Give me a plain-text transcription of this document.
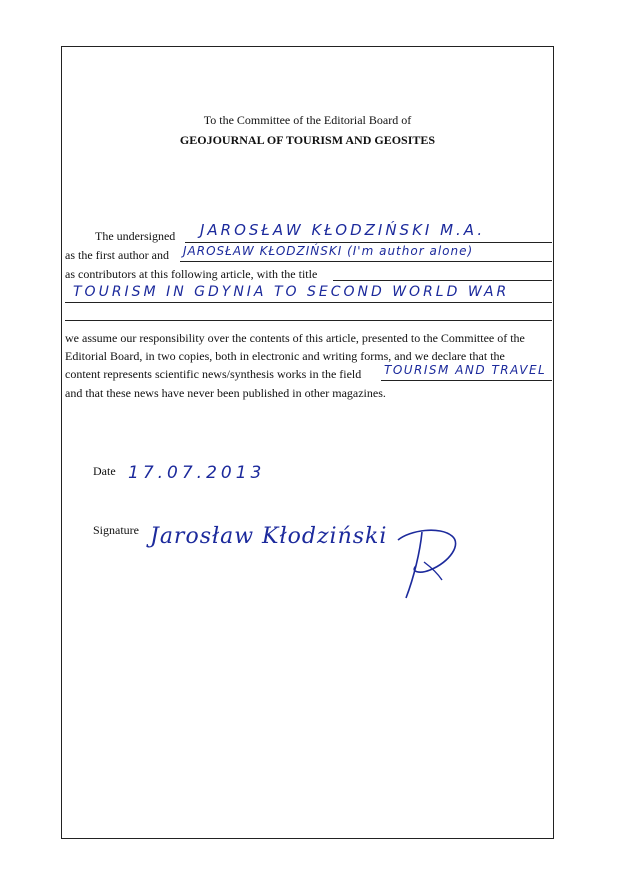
To the Committee of the Editorial Board of
GEOJOURNAL OF TOURISM AND GEOSITES
The undersigned JAROSŁAW KŁODZIŃSKI M.A.
as the first author and JAROSŁAW KŁODZIŃSKI (I'm author alone)
as contributors at this following article, with the title
TOURISM IN GDYNIA TO SECOND WORLD WAR
we assume our responsibility over the contents of this article, presented to the Committee of the
Editorial Board, in two copies, both in electronic and writing forms, and we declare that the
content represents scientific news/synthesis works in the field TOURISM AND TRAVEL
and that these news have never been published in other magazines.
Date 17.07.2013
Signature Jarosław Kłodziński
